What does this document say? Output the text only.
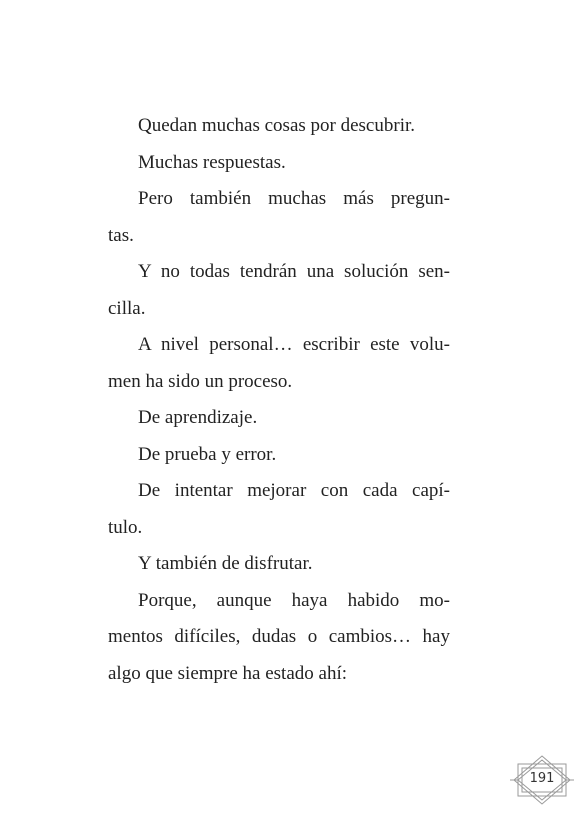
Quedan muchas cosas por descubrir.
Muchas respuestas.
Pero también muchas más pregun-
tas.
Y no todas tendrán una solución sen-
cilla.
A nivel personal… escribir este volu-
men ha sido un proceso.
De aprendizaje.
De prueba y error.
De intentar mejorar con cada capí-
tulo.
Y también de disfrutar.
Porque, aunque haya habido mo-
mentos difíciles, dudas o cambios… hay
algo que siempre ha estado ahí:
191
